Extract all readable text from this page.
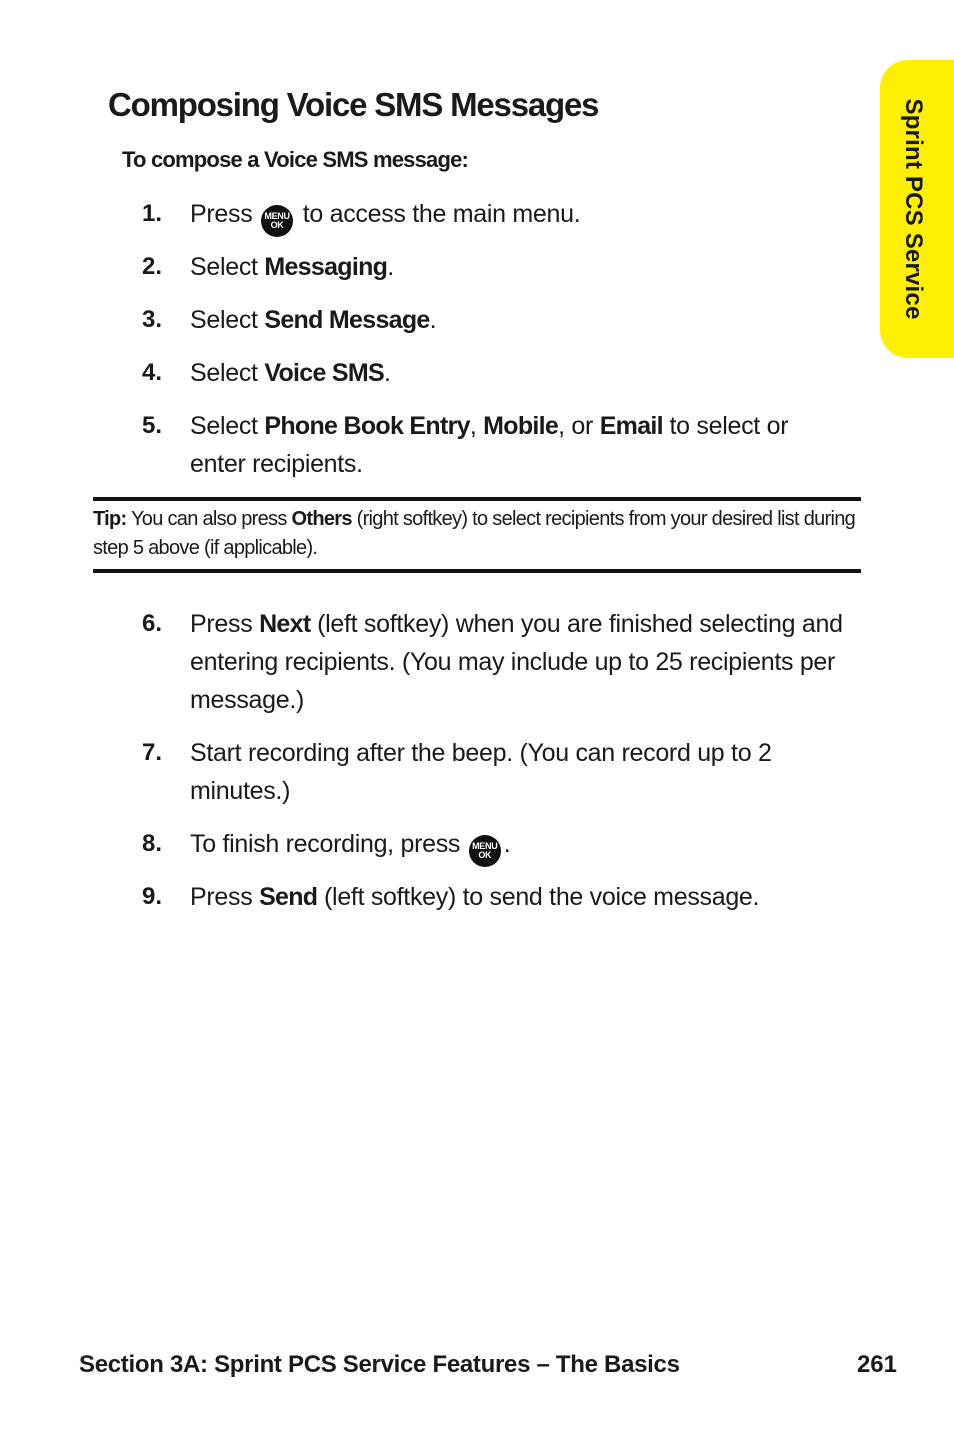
Composing Voice SMS Messages
To compose a Voice SMS message:
1. Press MENU
OK to access the main menu.
2. Select Messaging.
3. Select Send Message.
4. Select Voice SMS.
5. Select Phone Book Entry, Mobile, or Email to select or enter recipients.
Tip: You can also press Others (right softkey) to select recipients from your desired list during step 5 above (if applicable).
6. Press Next (left softkey) when you are finished selecting and entering recipients. (You may include up to 25 recipients per message.)
7. Start recording after the beep. (You can record up to 2 minutes.)
8. To finish recording, press MENU
OK .
9. Press Send (left softkey) to send the voice message.
Sprint PCS Service
Section 3A: Sprint PCS Service Features – The Basics	261
